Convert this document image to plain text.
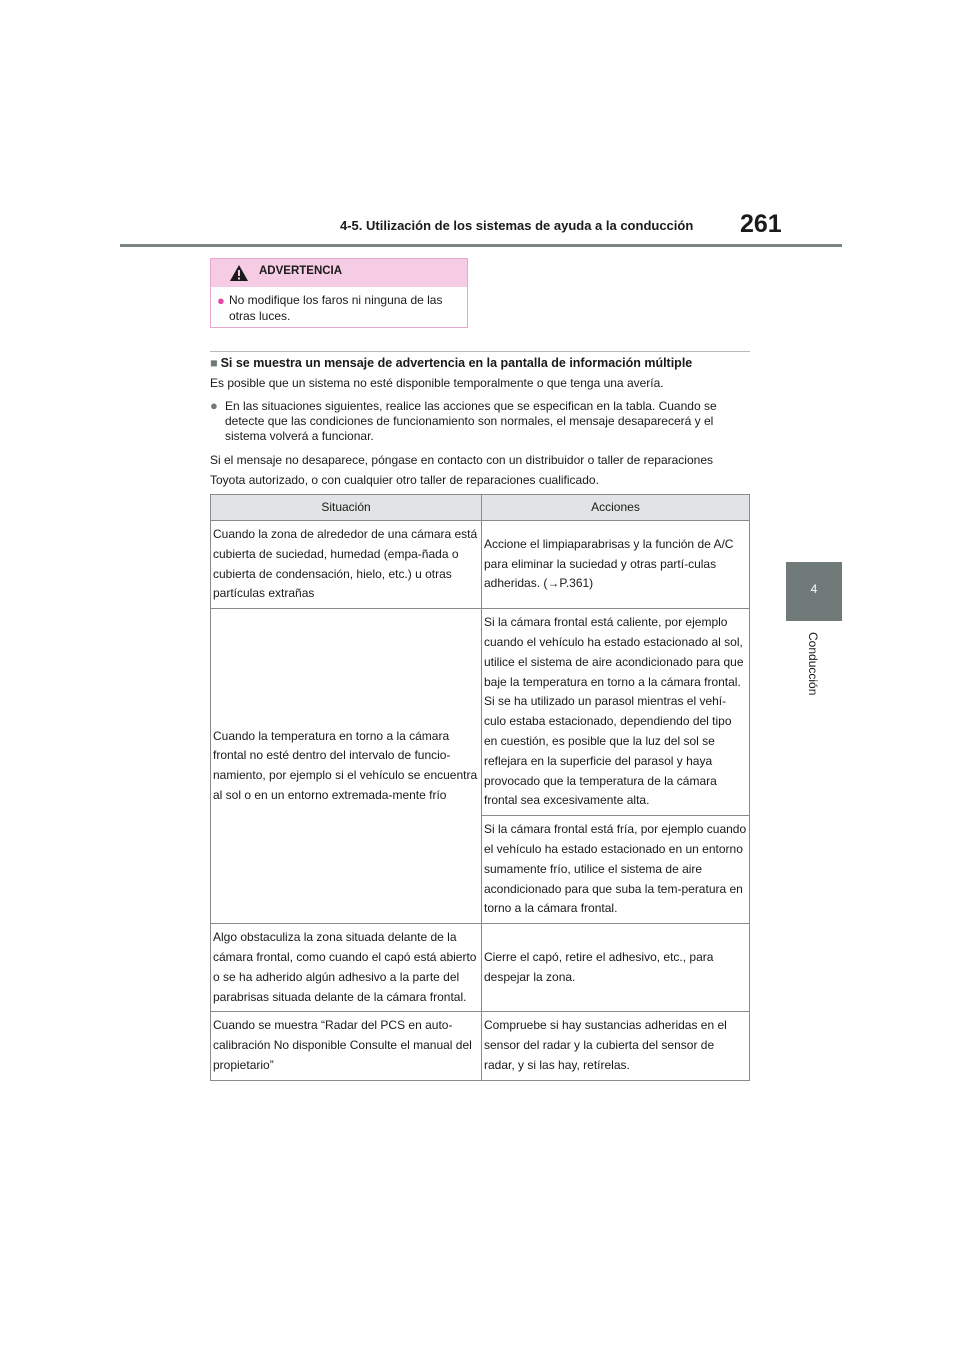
4-5. Utilización de los sistemas de ayuda a la conducción 261
4
Conducción
ADVERTENCIA
● No modifique los faros ni ninguna de las otras luces.
■ Si se muestra un mensaje de advertencia en la pantalla de información múltiple
Es posible que un sistema no esté disponible temporalmente o que tenga una avería.
● En las situaciones siguientes, realice las acciones que se especifican en la tabla. Cuando se detecte que las condiciones de funcionamiento son normales, el mensaje desaparecerá y el sistema volverá a funcionar.
Si el mensaje no desaparece, póngase en contacto con un distribuidor o taller de reparaciones Toyota autorizado, o con cualquier otro taller de reparaciones cualificado.
Situación	Acciones
Cuando la zona de alrededor de una cámara está cubierta de suciedad, humedad (empa-ñada o cubierta de condensación, hielo, etc.) u otras partículas extrañas	Accione el limpiaparabrisas y la función de A/C para eliminar la suciedad y otras partí-culas adheridas. (→P.361)
Cuando la temperatura en torno a la cámara frontal no esté dentro del intervalo de funcio-namiento, por ejemplo si el vehículo se encuentra al sol o en un entorno extremada-mente frío	Si la cámara frontal está caliente, por ejemplo cuando el vehículo ha estado estacionado al sol, utilice el sistema de aire acondicionado para que baje la temperatura en torno a la cámara frontal.
Si se ha utilizado un parasol mientras el vehí-culo estaba estacionado, dependiendo del tipo en cuestión, es posible que la luz del sol se reflejara en la superficie del parasol y haya provocado que la temperatura de la cámara frontal sea excesivamente alta.

	Si la cámara frontal está fría, por ejemplo cuando el vehículo ha estado estacionado en un entorno sumamente frío, utilice el sistema de aire acondicionado para que suba la tem-peratura en torno a la cámara frontal.
Algo obstaculiza la zona situada delante de la cámara frontal, como cuando el capó está abierto o se ha adherido algún adhesivo a la parte del parabrisas situada delante de la cámara frontal.	Cierre el capó, retire el adhesivo, etc., para despejar la zona.
Cuando se muestra “Radar del PCS en auto-calibración No disponible Consulte el manual del propietario”	Compruebe si hay sustancias adheridas en el sensor del radar y la cubierta del sensor de radar, y si las hay, retírelas.
